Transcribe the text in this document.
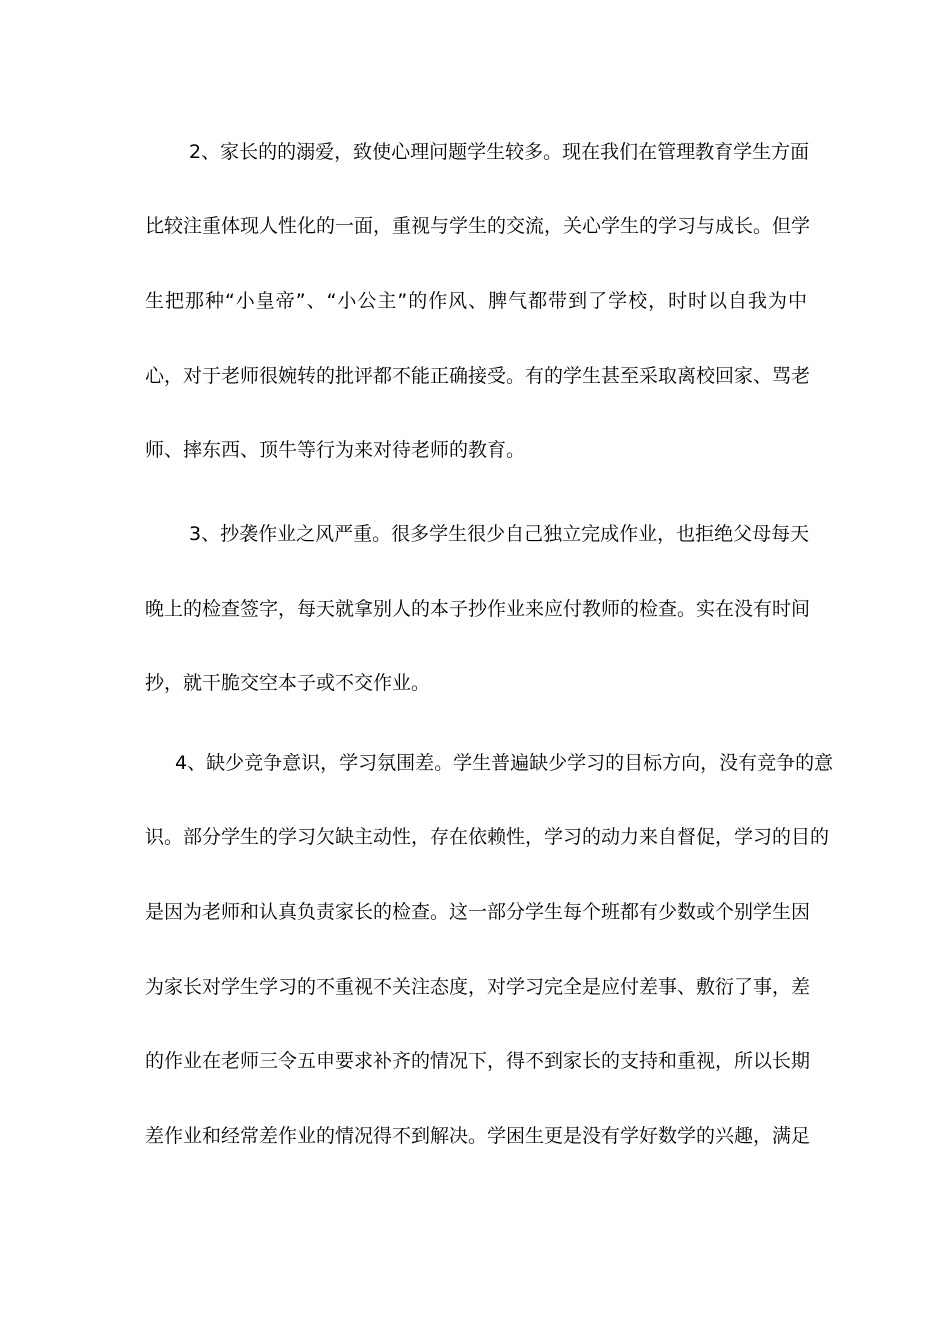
2、家长的的溺爱，致使心理问题学生较多。现在我们在管理教育学生方面
比较注重体现人性化的一面，重视与学生的交流，关心学生的学习与成长。但学
生把那种“小皇帝”、“小公主”的作风、脾气都带到了学校，时时以自我为中
心，对于老师很婉转的批评都不能正确接受。有的学生甚至采取离校回家、骂老
师、摔东西、顶牛等行为来对待老师的教育。
3、抄袭作业之风严重。很多学生很少自己独立完成作业，也拒绝父母每天
晚上的检查签字，每天就拿别人的本子抄作业来应付教师的检查。实在没有时间
抄，就干脆交空本子或不交作业。
4、缺少竞争意识，学习氛围差。学生普遍缺少学习的目标方向，没有竞争的意
识。部分学生的学习欠缺主动性，存在依赖性，学习的动力来自督促，学习的目的
是因为老师和认真负责家长的检查。这一部分学生每个班都有少数或个别学生因
为家长对学生学习的不重视不关注态度，对学习完全是应付差事、敷衍了事，差
的作业在老师三令五申要求补齐的情况下，得不到家长的支持和重视，所以长期
差作业和经常差作业的情况得不到解决。学困生更是没有学好数学的兴趣，满足
